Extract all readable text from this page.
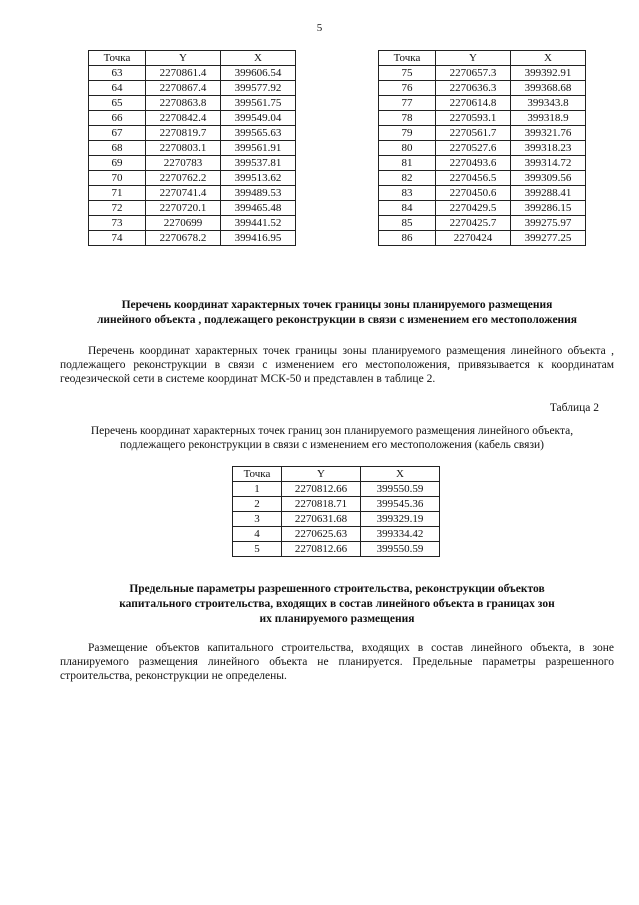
5
Точка	Y	X
63	2270861.4	399606.54
64	2270867.4	399577.92
65	2270863.8	399561.75
66	2270842.4	399549.04
67	2270819.7	399565.63
68	2270803.1	399561.91
69	2270783	399537.81
70	2270762.2	399513.62
71	2270741.4	399489.53
72	2270720.1	399465.48
73	2270699	399441.52
74	2270678.2	399416.95
Точка	Y	X
75	2270657.3	399392.91
76	2270636.3	399368.68
77	2270614.8	399343.8
78	2270593.1	399318.9
79	2270561.7	399321.76
80	2270527.6	399318.23
81	2270493.6	399314.72
82	2270456.5	399309.56
83	2270450.6	399288.41
84	2270429.5	399286.15
85	2270425.7	399275.97
86	2270424	399277.25
Перечень координат характерных точек границы зоны планируемого размещения
линейного объекта , подлежащего реконструкции в связи с изменением его местоположения
Перечень координат характерных точек границы зоны планируемого размещения линейного объекта , подлежащего реконструкции в связи с изменением его местоположения, привязывается к координатам геодезической сети в системе координат МСК-50 и представлен в таблице 2.
Таблица 2
Перечень координат характерных точек границ зон планируемого размещения линейного объекта,
подлежащего реконструкции в связи с изменением его местоположения (кабель связи)
Точка	Y	X
1	2270812.66	399550.59
2	2270818.71	399545.36
3	2270631.68	399329.19
4	2270625.63	399334.42
5	2270812.66	399550.59
Предельные параметры разрешенного строительства, реконструкции объектов
капитального строительства, входящих в состав линейного объекта в границах зон
их планируемого размещения
Размещение объектов капитального строительства, входящих в состав линейного объекта, в зоне планируемого размещения линейного объекта не планируется. Предельные параметры разрешенного строительства, реконструкции не определены.
